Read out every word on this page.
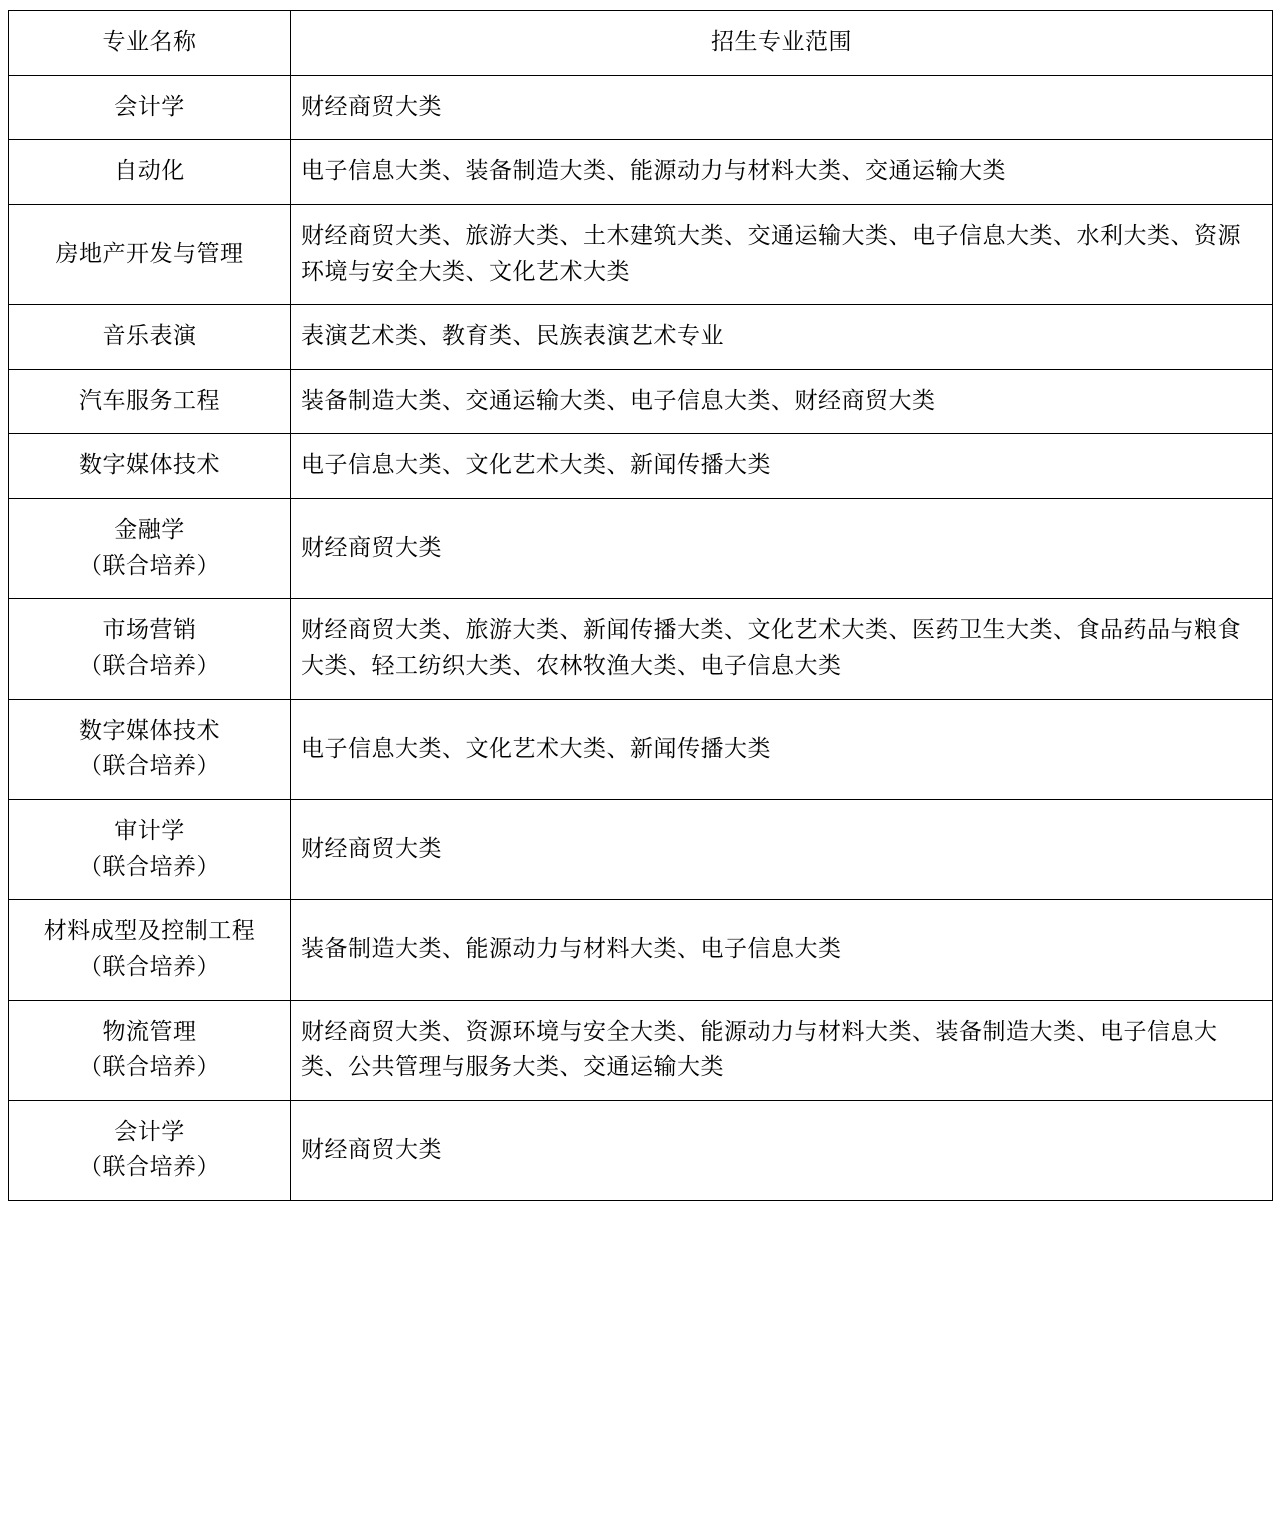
专业名称	招生专业范围

会计学	财经商贸大类

自动化	电子信息大类、装备制造大类、能源动力与材料大类、交通运输大类

房地产开发与管理	财经商贸大类、旅游大类、土木建筑大类、交通运输大类、电子信息大类、水利大类、资源环境与安全大类、文化艺术大类

音乐表演	表演艺术类、教育类、民族表演艺术专业

汽车服务工程	装备制造大类、交通运输大类、电子信息大类、财经商贸大类

数字媒体技术	电子信息大类、文化艺术大类、新闻传播大类

金融学
（联合培养）	财经商贸大类

市场营销
（联合培养）	财经商贸大类、旅游大类、新闻传播大类、文化艺术大类、医药卫生大类、食品药品与粮食大类、轻工纺织大类、农林牧渔大类、电子信息大类

数字媒体技术
（联合培养）	电子信息大类、文化艺术大类、新闻传播大类

审计学
（联合培养）	财经商贸大类

材料成型及控制工程
（联合培养）	装备制造大类、能源动力与材料大类、电子信息大类

物流管理
（联合培养）	财经商贸大类、资源环境与安全大类、能源动力与材料大类、装备制造大类、电子信息大类、公共管理与服务大类、交通运输大类

会计学
（联合培养）	财经商贸大类
